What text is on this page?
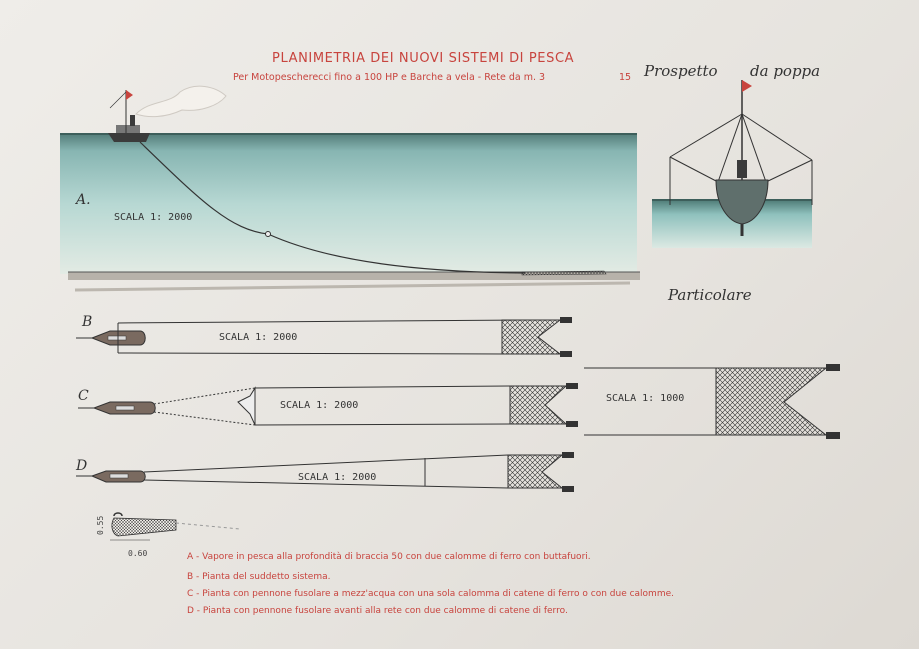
PLANIMETRIA DEI NUOVI SISTEMI DI PESCA
Per Motopescherecci fino a 100 HP e Barche a vela - Rete da m. 3	15 Prospetto da poppa
Particolare
SCALA 1: 1000
A.
SCALA 1: 2000
B
SCALA 1: 2000
C
SCALA 1: 2000
D
SCALA 1: 2000
0.55
0.60	A - Vapore in pesca alla profondità di braccia 50 con due calomme di ferro con buttafuori.
B - Pianta del suddetto sistema.
C - Pianta con pennone fusolare a mezz'acqua con una sola calomma di catene di ferro o con due calomme.
D - Pianta con pennone fusolare avanti alla rete con due calomme di catene di ferro.
